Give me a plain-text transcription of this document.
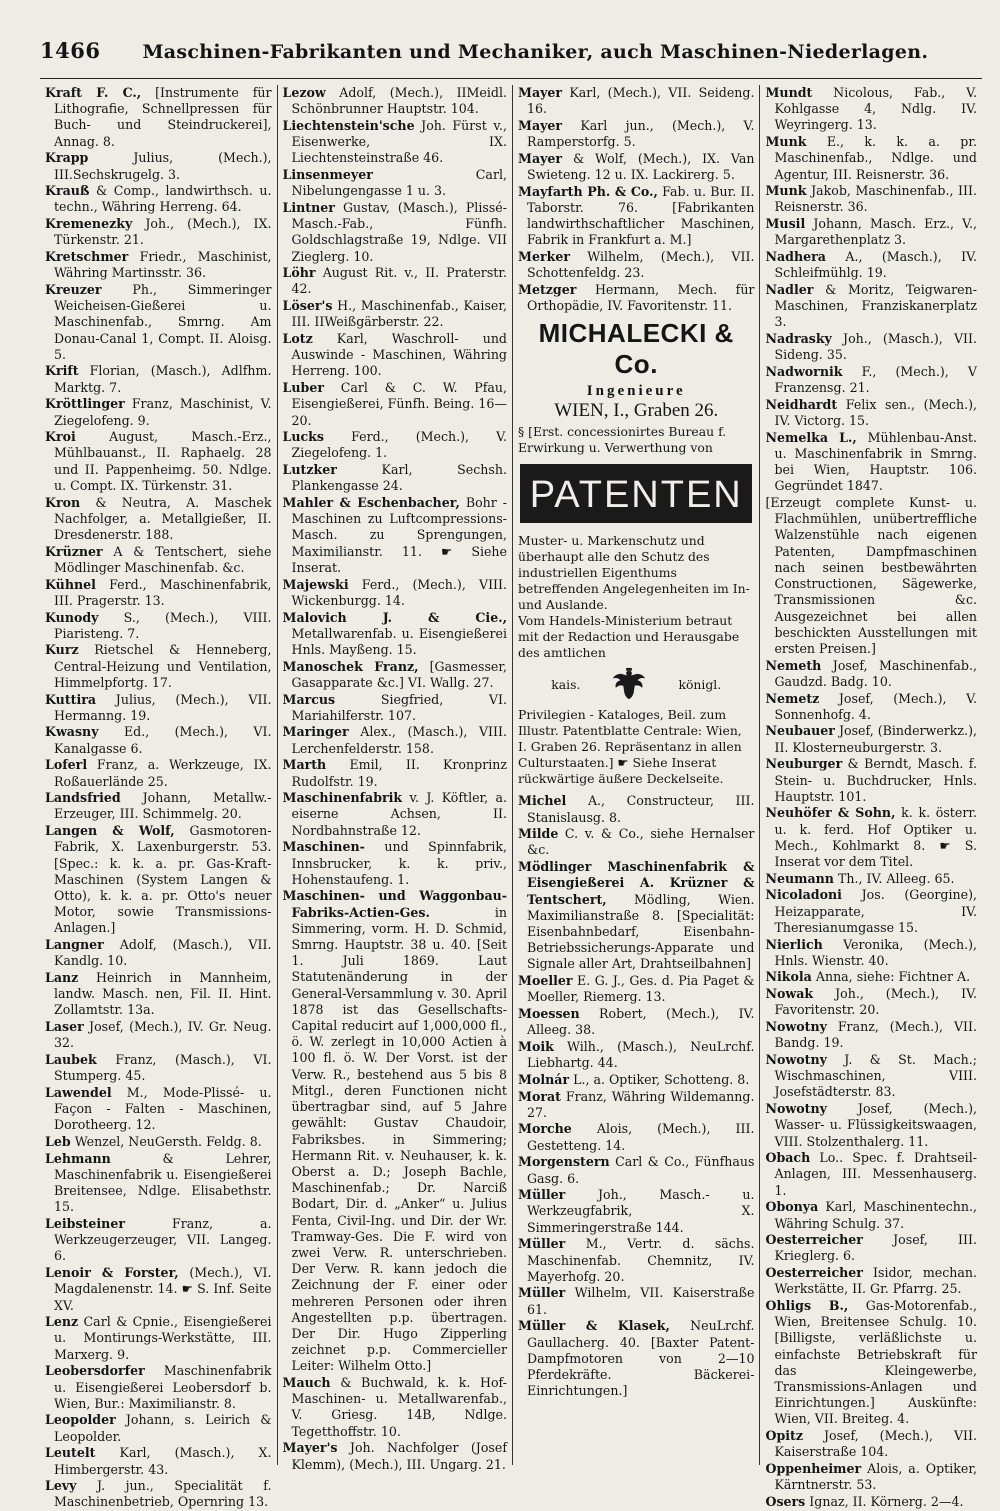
1466 Maschinen-Fabrikanten und Mechaniker, auch Maschinen-Niederlagen.

Kraft F. C., [Instrumente für Lithografie, Schnellpressen für Buch- und Steindruckerei], Annag. 8.

Krapp	Julius, (Mech.), III.Sechskrugelg. 3.

Krauß & Comp., landwirthsch. u. techn., Währing Herreng. 64.

Kremenezky Joh., (Mech.), IX. Türkenstr. 21.

Kretschmer Friedr., Maschinist, Währing Martinsstr. 36.

Kreuzer Ph., Simmeringer Weicheisen-Gießerei u. Maschinenfab., Smrng. Am Donau-Canal 1, Compt. II. Aloisg. 5.

Krift Florian, (Masch.), Adlfhm. Marktg. 7.

Kröttlinger Franz, Maschinist, V. Ziegelofeng. 9.

Kroi	August, Masch.-Erz., Mühlbauanst., II. Raphaelg. 28 und II. Pappenheimg. 50. Ndlge. u. Compt. IX. Türkenstr. 31.

Kron & Neutra, A. Maschek Nachfolger, a. Metallgießer, II. Dresdenerstr. 188.

Krüzner A & Tentschert, siehe Mödlinger Maschinenfab. &c.

Kühnel Ferd., Maschinenfabrik, III. Pragerstr. 13.

Kunody S., (Mech.), VIII. Piaristeng. 7.

Kurz Rietschel & Henneberg, Central-Heizung und Ventilation, Himmelpfortg. 17.

Kuttira Julius, (Mech.), VII. Hermanng. 19.

Kwasny Ed., (Mech.), VI. Kanalgasse 6.

Loferl Franz, a. Werkzeuge, IX. Roßauerlände 25.

Landsfried Johann, Metallw.-Erzeuger, III. Schimmelg. 20.

Langen & Wolf, Gasmotoren-Fabrik, X. Laxenburgerstr. 53. [Spec.: k. k. a. pr. Gas-Kraft-Maschinen (System Langen & Otto), k. k. a. pr. Otto's neuer Motor, sowie Transmissions-Anlagen.]

Langner Adolf, (Masch.), VII. Kandlg. 10.

Lanz Heinrich in Mannheim, landw. Masch. nen, Fil. II. Hint. Zollamtstr. 13a.

Laser Josef, (Mech.), IV. Gr. Neug. 32.

Laubek Franz, (Masch.), VI. Stumperg. 45.

Lawendel M., Mode-Plissé- u. Façon - Falten - Maschinen, Dorotheerg. 12.

Leb Wenzel, NeuGersth. Feldg. 8.

Lehmann	& Lehrer, Maschinenfabrik u. Eisengießerei Breitensee, Ndlge. Elisabethstr. 15.

Leibsteiner	Franz, a. Werkzeugerzeuger, VII. Langeg. 6.

Lenoir & Forster, (Mech.), VI. Magdalenenstr. 14. ☛ S. Inf. Seite XV.

Lenz Carl & Cpnie., Eisengießerei u. Montirungs-Werkstätte, III. Marxerg. 9.

Leobersdorfer Maschinenfabrik u. Eisengießerei Leobersdorf b. Wien, Bur.: Maximilianstr. 8.

Leopolder Johann, s. Leirich & Leopolder.

Leutelt Karl, (Masch.), X. Himbergerstr. 43.

Levy J. jun., Specialität f. Maschinenbetrieb, Opernring 13.

Lezow Adolf, (Mech.), IIMeidl. Schönbrunner Hauptstr. 104.

Liechtenstein'sche Joh. Fürst v., Eisenwerke, IX. Liechtensteinstraße 46.

Linsenmeyer	Carl, Nibelungengasse 1 u. 3.

Lintner Gustav, (Masch.), Plissé-Masch.-Fab., Fünfh. Goldschlagstraße 19, Ndlge. VII Zieglerg. 10.

Löhr August Rit. v., II. Praterstr. 42.

Löser's H., Maschinenfab., Kaiser, III. IIWeißgärberstr. 22.

Lotz Karl, Waschroll- und Auswinde - Maschinen, Währing Herreng. 100.

Luber Carl & C. W. Pfau, Eisengießerei, Fünfh. Being. 16—20.

Lucks Ferd., (Mech.), V. Ziegelofeng. 1.

Lutzker	Karl, Sechsh. Plankengasse 24.

Mahler & Eschenbacher, Bohr - Maschinen zu Luftcompressions-Masch. zu Sprengungen, Maximilianstr. 11. ☛ Siehe Inserat.

Majewski Ferd., (Mech.), VIII. Wickenburgg. 14.

Malovich J. & Cie., Metallwarenfab. u. Eisengießerei Hnls. Mayßeng. 15.

Manoschek Franz, [Gasmesser, Gasapparate &c.] VI. Wallg. 27.

Marcus	Siegfried, VI. Mariahilferstr. 107.

Maringer Alex., (Masch.), VIII. Lerchenfelderstr. 158.

Marth Emil, II. Kronprinz Rudolfstr. 19.

Maschinenfabrik v. J. Köftler, a. eiserne Achsen, II. Nordbahnstraße 12.

Maschinen- und Spinnfabrik, Innsbrucker, k. k. priv., Hohenstaufeng. 1.

Maschinen- und Waggonbau-Fabriks-Actien-Ges.	in Simmering, vorm. H. D. Schmid, Smrng. Hauptstr. 38 u. 40. [Seit 1. Juli 1869. Laut Statutenänderung in der General-Versammlung v. 30. April 1878 ist das Gesellschafts-Capital reducirt auf 1,000,000 fl., ö. W. zerlegt in 10,000 Actien à 100 fl. ö. W. Der Vorst. ist der Verw. R., bestehend aus 5 bis 8 Mitgl., deren Functionen nicht übertragbar sind, auf 5 Jahre gewählt: Gustav Chaudoir, Fabriksbes. in Simmering; Hermann Rit. v. Neuhauser, k. k. Oberst a. D.; Joseph Bachle, Maschinenfab.; Dr. Narciß Bodart, Dir. d. „Anker“ u. Julius Fenta, Civil-Ing. und Dir. der Wr. Tramway-Ges. Die F. wird von zwei Verw. R. unterschrieben. Der Verw. R. kann jedoch die Zeichnung der F. einer oder mehreren Personen oder ihren Angestellten p.p. übertragen. Der Dir. Hugo Zipperling zeichnet p.p. Commercieller Leiter: Wilhelm Otto.]

Mauch & Buchwald, k. k. Hof-Maschinen- u. Metallwarenfab., V. Griesg. 14B, Ndlge. Tegetthoffstr. 10.

Mayer's Joh. Nachfolger (Josef Klemm), (Mech.), III. Ungarg. 21.

Mayer Karl, (Mech.), VII. Seideng. 16.

Mayer Karl jun., (Mech.), V. Ramperstorfg. 5.

Mayer & Wolf, (Mech.), IX. Van Swieteng. 12 u. IX. Lackirerg. 5.

Mayfarth Ph. & Co., Fab. u. Bur. II. Taborstr. 76. [Fabrikanten landwirthschaftlicher Maschinen, Fabrik in Frankfurt a. M.]

Merker Wilhelm, (Mech.), VII. Schottenfeldg. 23.

Metzger Hermann, Mech. für Orthopädie, IV. Favoritenstr. 11.

MICHALECKI & Co.
Ingenieure
WIEN, I., Graben 26.
§ [Erst. concessionirtes Bureau f. Erwirkung u. Verwerthung von
PATENTEN

Muster- u. Markenschutz und überhaupt alle den Schutz des industriellen Eigenthums betreffenden Angelegenheiten im In- und Auslande.

Vom Handels-Ministerium betraut mit der Redaction und Herausgabe des amtlichen

kais.	königl.

Privilegien - Kataloges, Beil. zum Illustr. Patentblatte Centrale: Wien, I. Graben 26. Repräsentanz in allen Culturstaaten.] ☛ Siehe Inserat rückwärtige äußere Deckelseite.

Michel A., Constructeur, III. Stanislausg. 8.

Milde C. v. & Co., siehe Hernalser &c.

Mödlinger Maschinenfabrik & Eisengießerei A. Krüzner & Tentschert, Mödling, Wien. Maximilianstraße 8. [Specialität: Eisenbahnbedarf, Eisenbahn-Betriebssicherungs-Apparate und Signale aller Art, Drahtseilbahnen]

Moeller E. G. J., Ges. d. Pia Paget & Moeller, Riemerg. 13.

Moessen Robert, (Mech.), IV. Alleeg. 38.

Moik Wilh., (Masch.), NeuLrchf. Liebhartg. 44.

Molnár L., a. Optiker, Schotteng. 8.

Morat Franz, Währing Wildemanng. 27.

Morche Alois, (Mech.), III. Gestetteng. 14.

Morgenstern Carl & Co., Fünfhaus Gasg. 6.

Müller	Joh., Masch.- u. Werkzeugfabrik, X. Simmeringerstraße 144.

Müller M., Vertr. d. sächs. Maschinenfab. Chemnitz, IV. Mayerhofg. 20.

Müller Wilhelm, VII. Kaiserstraße 61.

Müller & Klasek, NeuLrchf. Gaullacherg. 40. [Baxter Patent-Dampfmotoren von 2—10 Pferdekräfte. Bäckerei-Einrichtungen.]

Mundt Nicolous, Fab., V. Kohlgasse 4, Ndlg. IV. Weyringerg. 13.

Munk E., k. k. a. pr. Maschinenfab., Ndlge. und Agentur, III. Reisnerstr. 36.

Munk Jakob, Maschinenfab., III. Reisnerstr. 36.

Musil Johann, Masch. Erz., V., Margarethenplatz 3.

Nadhera A., (Masch.), IV. Schleifmühlg. 19.

Nadler & Moritz, Teigwaren-Maschinen, Franziskanerplatz 3.

Nadrasky Joh., (Masch.), VII. Sideng. 35.

Nadwornik F., (Mech.), V Franzensg. 21.

Neidhardt Felix sen., (Mech.), IV. Victorg. 15.

Nemelka L., Mühlenbau-Anst. u. Maschinenfabrik in Smrng. bei Wien, Hauptstr. 106. Gegründet 1847.

[Erzeugt complete Kunst- u. Flachmühlen, unübertreffliche Walzenstühle nach eigenen Patenten, Dampfmaschinen nach seinen bestbewährten Constructionen, Sägewerke, Transmissionen &c. Ausgezeichnet bei allen beschickten Ausstellungen mit ersten Preisen.]

Nemeth Josef, Maschinenfab., Gaudzd. Badg. 10.

Nemetz Josef, (Mech.), V. Sonnenhofg. 4.

Neubauer Josef, (Binderwerkz.), II. Klosterneuburgerstr. 3.

Neuburger & Berndt, Masch. f. Stein- u. Buchdrucker, Hnls. Hauptstr. 101.

Neuhöfer & Sohn, k. k. österr. u. k. ferd. Hof Optiker u. Mech., Kohlmarkt 8. ☛ S. Inserat vor dem Titel.

Neumann Th., IV. Alleeg. 65.

Nicoladoni Jos. (Georgine), Heizapparate, IV. Theresianumgasse 15.

Nierlich Veronika, (Mech.), Hnls. Wienstr. 40.

Nikola Anna, siehe: Fichtner A.

Nowak Joh., (Mech.), IV. Favoritenstr. 20.

Nowotny Franz, (Mech.), VII. Bandg. 19.

Nowotny J. & St. Mach.; Wischmaschinen, VIII. Josefstädterstr. 83.

Nowotny Josef, (Mech.), Wasser- u. Flüssigkeitswaagen, VIII. Stolzenthalerg. 11.

Obach Lo.. Spec. f. Drahtseil-Anlagen, III. Messenhauserg. 1.

Obonya Karl, Maschinentechn., Währing Schulg. 37.

Oesterreicher Josef, III. Krieglerg. 6.

Oesterreicher Isidor, mechan. Werkstätte, II. Gr. Pfarrg. 25.

Ohligs B., Gas-Motorenfab., Wien, Breitensee Schulg. 10. [Billigste, verläßlichste u. einfachste Betriebskraft für das Kleingewerbe, Transmissions-Anlagen und Einrichtungen.] Auskünfte: Wien, VII. Breiteg. 4.

Opitz Josef, (Mech.), VII. Kaiserstraße 104.

Oppenheimer Alois, a. Optiker, Kärntnerstr. 53.

Osers Ignaz, II. Körnerg. 2—4.
